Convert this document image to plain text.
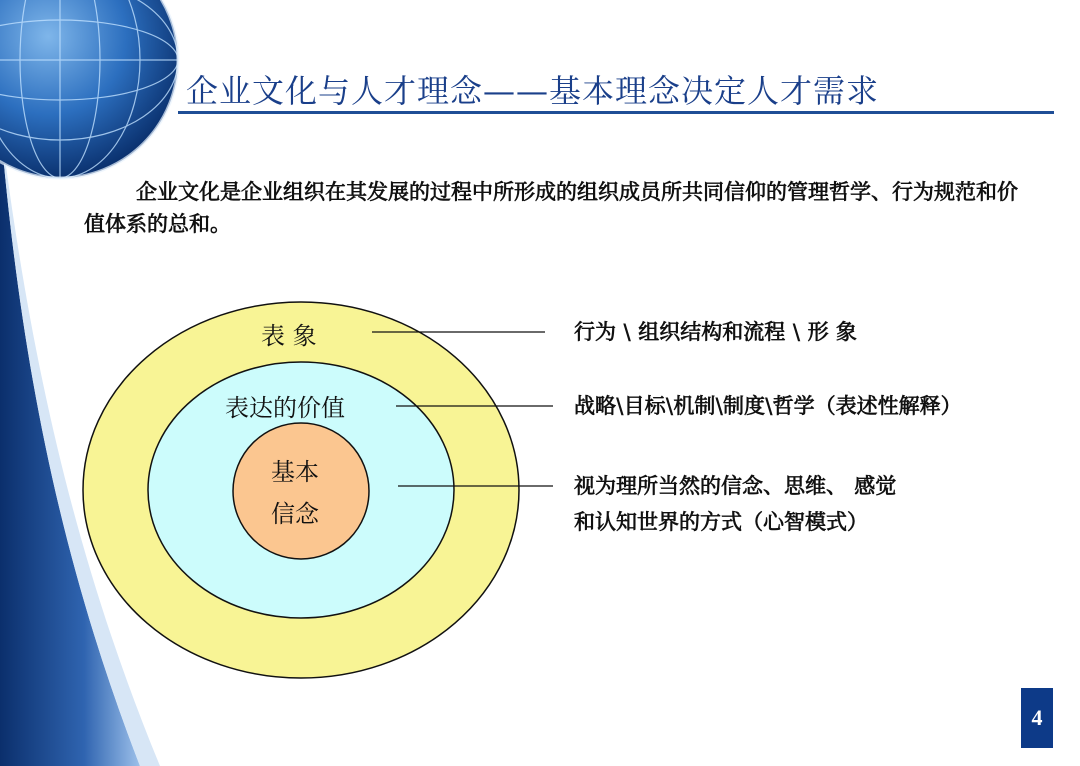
企业文化与人才理念——基本理念决定人才需求
企业文化是企业组织在其发展的过程中所形成的组织成员所共同信仰的管理哲学、行为规范和价值体系的总和。
表 象
表达的价值
基本
信念
行为 \ 组织结构和流程 \ 形 象
战略\目标\机制\制度\哲学（表述性解释）
视为理所当然的信念、思维、 感觉
和认知世界的方式（心智模式）
4
